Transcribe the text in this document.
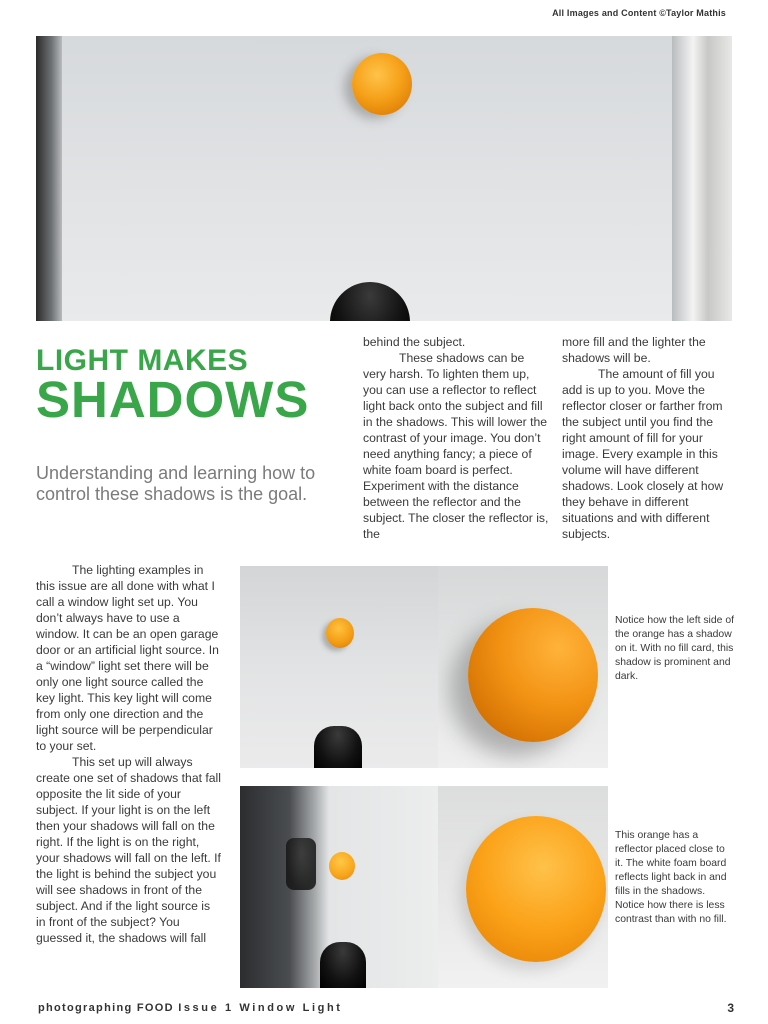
All Images and Content ©Taylor Mathis
LIGHT MAKES
SHADOWS
Understanding and learning how to control these shadows is the goal.

behind the subject.

These shadows can be very harsh. To lighten them up, you can use a reflector to reflect light back onto the subject and fill in the shadows. This will lower the contrast of your image. You don’t need anything fancy; a piece of white foam board is perfect. Experiment with the distance between the reflector and the subject. The closer the reflector is, the

more fill and the lighter the shadows will be.

The amount of fill you add is up to you. Move the reflector closer or farther from the subject until you find the right amount of fill for your image. Every example in this volume will have different shadows. Look closely at how they behave in different situations and with different subjects.

The lighting examples in this issue are all done with what I call a window light set up. You don’t always have to use a window. It can be an open garage door or an artificial light source. In a “window” light set there will be only one light source called the key light. This key light will come from only one direction and the light source will be perpendicular to your set.

This set up will always create one set of shadows that fall opposite the lit side of your subject. If your light is on the left then your shadows will fall on the right. If the light is on the right, your shadows will fall on the left. If the light is behind the subject you will see shadows in front of the subject. And if the light source is in front of the subject? You guessed it, the shadows will fall

Notice how the left side of the orange has a shadow on it. With no fill card, this shadow is prominent and dark.
This orange has a reflector placed close to it. The white foam board reflects light back in and fills in the shadows. Notice how there is less contrast than with no fill.
photographing FOOD Issue 1 Window Light	3
